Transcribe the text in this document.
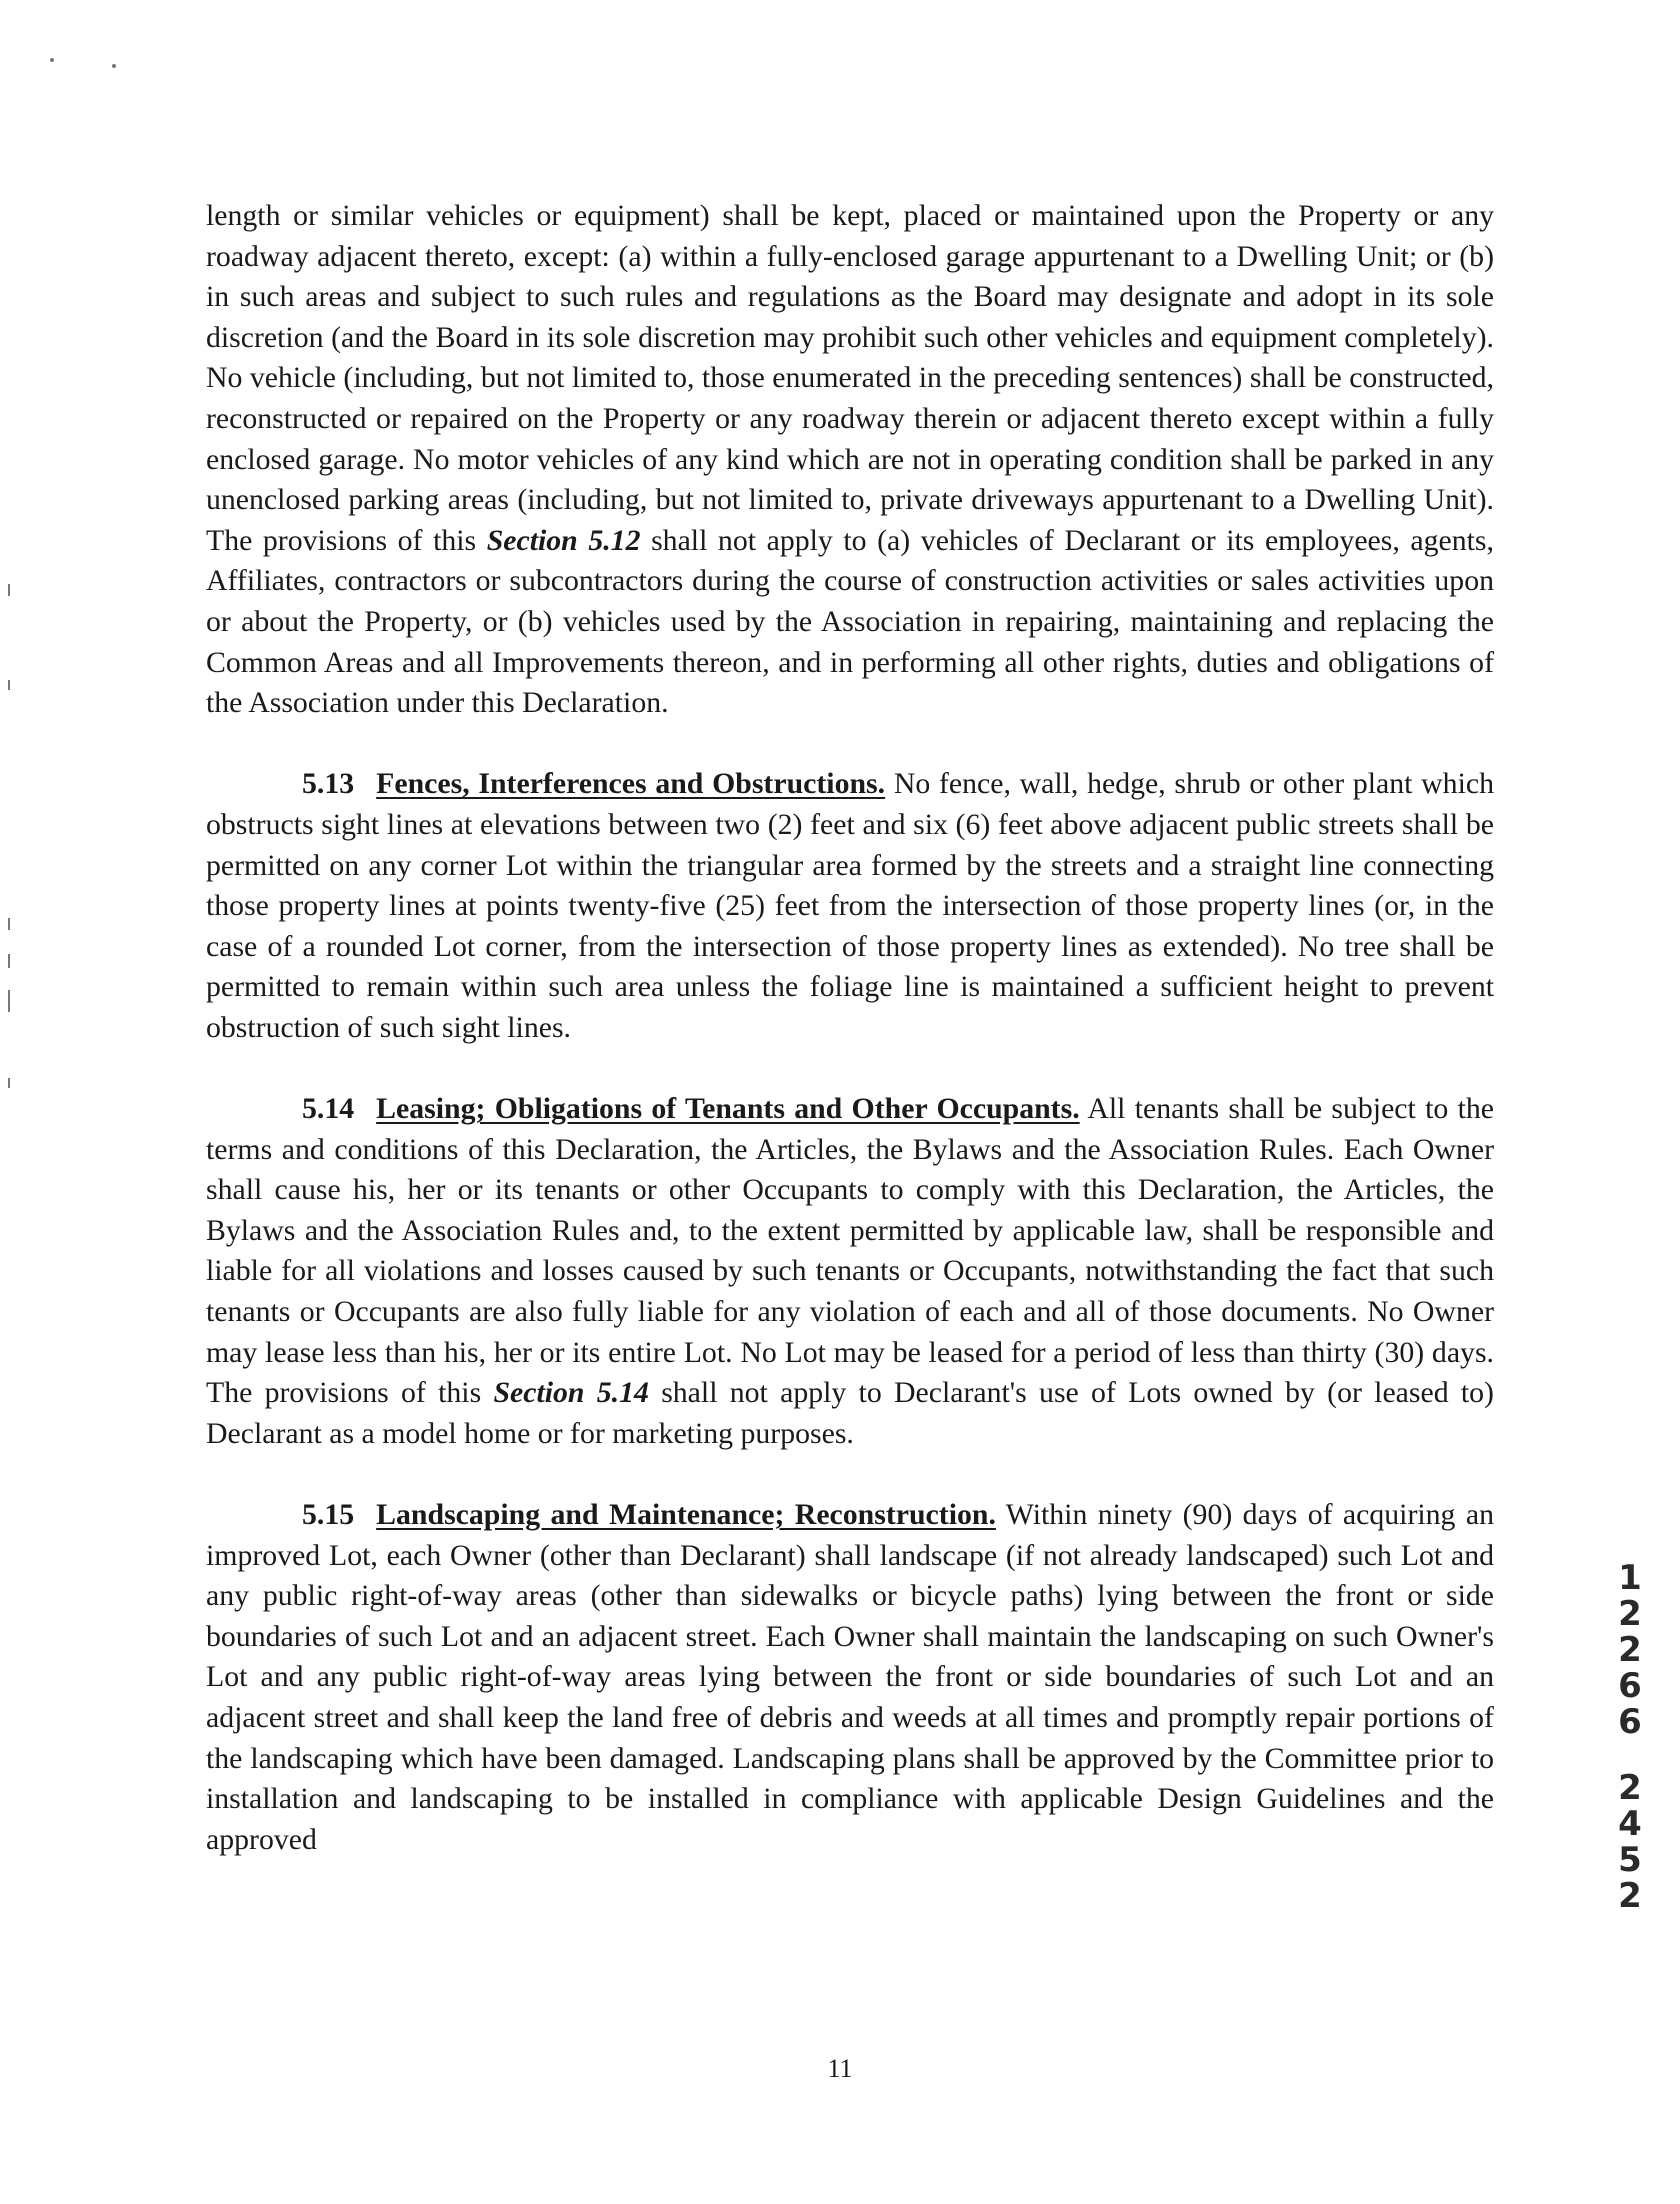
length or similar vehicles or equipment) shall be kept, placed or maintained upon the Property or any roadway adjacent thereto, except: (a) within a fully-enclosed garage appurtenant to a Dwelling Unit; or (b) in such areas and subject to such rules and regulations as the Board may designate and adopt in its sole discretion (and the Board in its sole discretion may prohibit such other vehicles and equipment completely). No vehicle (including, but not limited to, those enumerated in the preceding sentences) shall be constructed, reconstructed or repaired on the Property or any roadway therein or adjacent thereto except within a fully enclosed garage. No motor vehicles of any kind which are not in operating condition shall be parked in any unenclosed parking areas (including, but not limited to, private driveways appurtenant to a Dwelling Unit). The provisions of this Section 5.12 shall not apply to (a) vehicles of Declarant or its employees, agents, Affiliates, contractors or subcontractors during the course of construction activities or sales activities upon or about the Property, or (b) vehicles used by the Association in repairing, maintaining and replacing the Common Areas and all Improvements thereon, and in performing all other rights, duties and obligations of the Association under this Declaration.

5.13 Fences, Interferences and Obstructions. No fence, wall, hedge, shrub or other plant which obstructs sight lines at elevations between two (2) feet and six (6) feet above adjacent public streets shall be permitted on any corner Lot within the triangular area formed by the streets and a straight line connecting those property lines at points twenty-five (25) feet from the intersection of those property lines (or, in the case of a rounded Lot corner, from the intersection of those property lines as extended). No tree shall be permitted to remain within such area unless the foliage line is maintained a sufficient height to prevent obstruction of such sight lines.

5.14 Leasing; Obligations of Tenants and Other Occupants. All tenants shall be subject to the terms and conditions of this Declaration, the Articles, the Bylaws and the Association Rules. Each Owner shall cause his, her or its tenants or other Occupants to comply with this Declaration, the Articles, the Bylaws and the Association Rules and, to the extent permitted by applicable law, shall be responsible and liable for all violations and losses caused by such tenants or Occupants, notwithstanding the fact that such tenants or Occupants are also fully liable for any violation of each and all of those documents. No Owner may lease less than his, her or its entire Lot. No Lot may be leased for a period of less than thirty (30) days. The provisions of this Section 5.14 shall not apply to Declarant's use of Lots owned by (or leased to) Declarant as a model home or for marketing purposes.

5.15 Landscaping and Maintenance; Reconstruction. Within ninety (90) days of acquiring an improved Lot, each Owner (other than Declarant) shall landscape (if not already landscaped) such Lot and any public right-of-way areas (other than sidewalks or bicycle paths) lying between the front or side boundaries of such Lot and an adjacent street. Each Owner shall maintain the landscaping on such Owner's Lot and any public right-of-way areas lying between the front or side boundaries of such Lot and an adjacent street and shall keep the land free of debris and weeds at all times and promptly repair portions of the landscaping which have been damaged. Landscaping plans shall be approved by the Committee prior to installation and landscaping to be installed in compliance with applicable Design Guidelines and the approved

1
2
2
6
6
2
4
5
2
11
